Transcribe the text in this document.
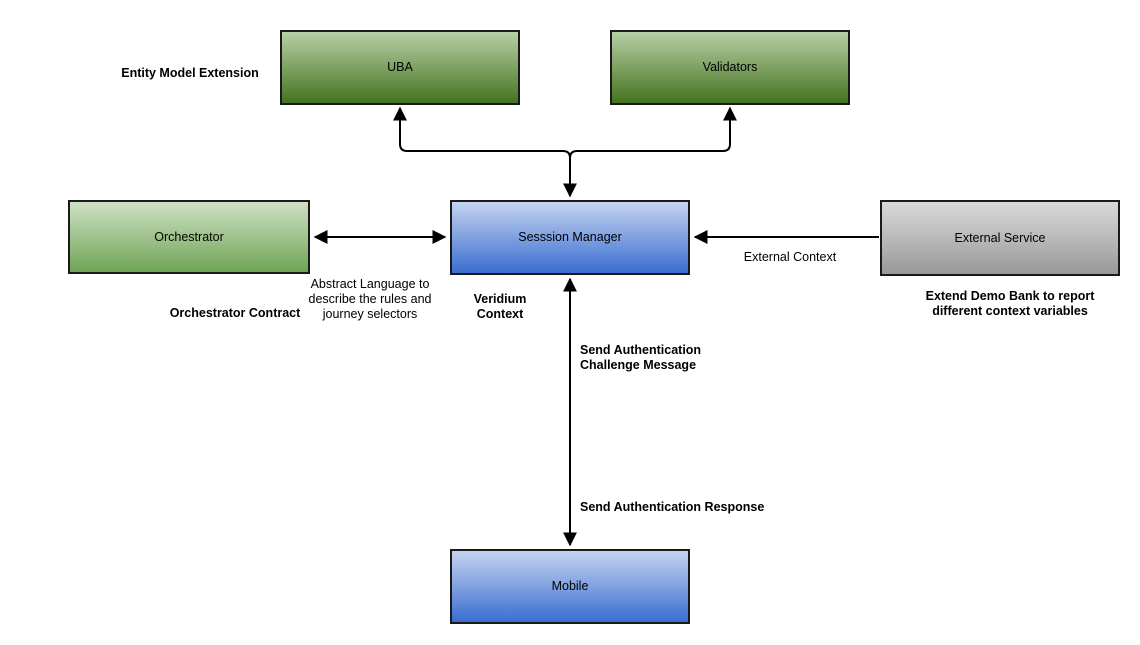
UBA	Validators
Orchestrator	Sesssion Manager	External Service
Mobile
Entity Model Extension
Orchestrator Contract
Abstract Language to describe the rules and journey selectors
Veridium Context
Send Authentication Challenge Message
Send Authentication Response
External Context
Extend Demo Bank to report different context variables
